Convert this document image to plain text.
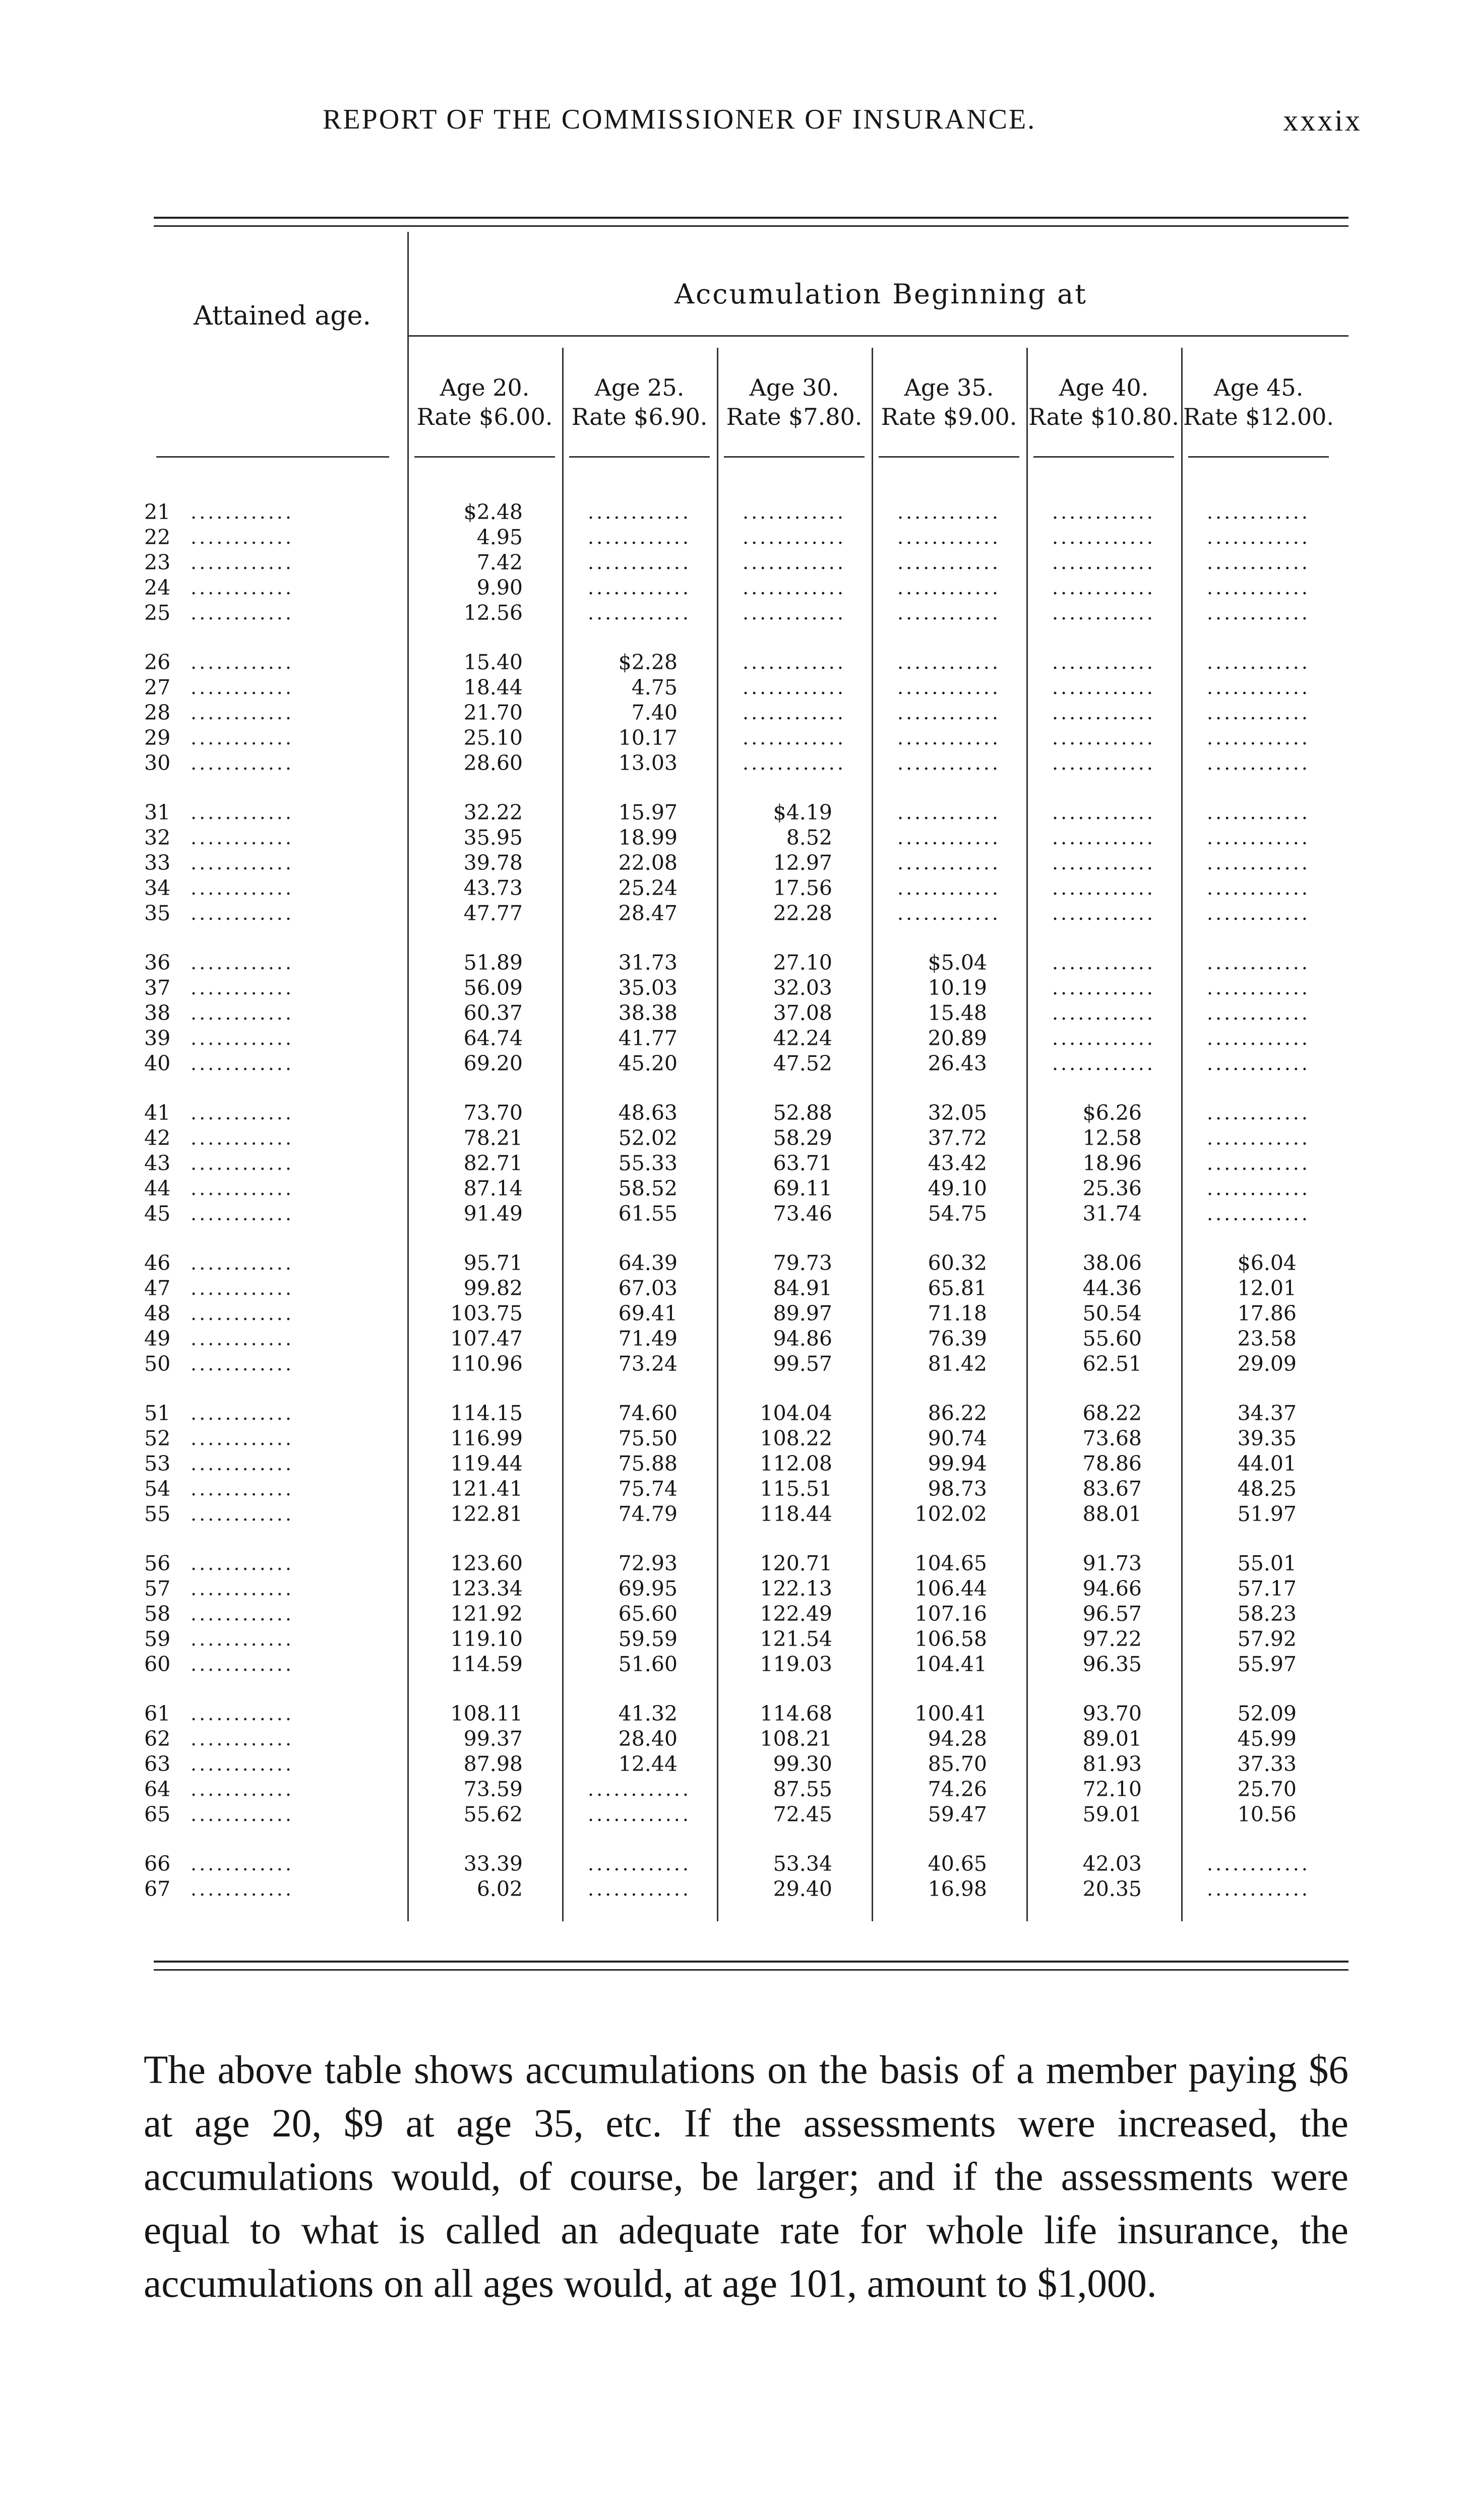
REPORT OF THE COMMISSIONER OF INSURANCE.	xxxix
Attained age.
Accumulation Beginning at
Age 20.
Rate $6.00.
Age 25.
Rate $6.90.
Age 30.
Rate $7.80.
Age 35.
Rate $9.00.
Age 40.
Rate $10.80.
Age 45.
Rate $12.00.
21	............	$2.48	............	............	............	............	............
22	............	4.95	............	............	............	............	............
23	............	7.42	............	............	............	............	............
24	............	9.90	............	............	............	............	............
25	............	12.56	............	............	............	............	............
26	............	15.40	$2.28	............	............	............	............
27	............	18.44	4.75	............	............	............	............
28	............	21.70	7.40	............	............	............	............
29	............	25.10	10.17	............	............	............	............
30	............	28.60	13.03	............	............	............	............
31	............	32.22	15.97	$4.19	............	............	............
32	............	35.95	18.99	8.52	............	............	............
33	............	39.78	22.08	12.97	............	............	............
34	............	43.73	25.24	17.56	............	............	............
35	............	47.77	28.47	22.28	............	............	............
36	............	51.89	31.73	27.10	$5.04	............	............
37	............	56.09	35.03	32.03	10.19	............	............
38	............	60.37	38.38	37.08	15.48	............	............
39	............	64.74	41.77	42.24	20.89	............	............
40	............	69.20	45.20	47.52	26.43	............	............
41	............	73.70	48.63	52.88	32.05	$6.26	............
42	............	78.21	52.02	58.29	37.72	12.58	............
43	............	82.71	55.33	63.71	43.42	18.96	............
44	............	87.14	58.52	69.11	49.10	25.36	............
45	............	91.49	61.55	73.46	54.75	31.74	............
46	............	95.71	64.39	79.73	60.32	38.06	$6.04
47	............	99.82	67.03	84.91	65.81	44.36	12.01
48	............	103.75	69.41	89.97	71.18	50.54	17.86
49	............	107.47	71.49	94.86	76.39	55.60	23.58
50	............	110.96	73.24	99.57	81.42	62.51	29.09
51	............	114.15	74.60	104.04	86.22	68.22	34.37
52	............	116.99	75.50	108.22	90.74	73.68	39.35
53	............	119.44	75.88	112.08	99.94	78.86	44.01
54	............	121.41	75.74	115.51	98.73	83.67	48.25
55	............	122.81	74.79	118.44	102.02	88.01	51.97
56	............	123.60	72.93	120.71	104.65	91.73	55.01
57	............	123.34	69.95	122.13	106.44	94.66	57.17
58	............	121.92	65.60	122.49	107.16	96.57	58.23
59	............	119.10	59.59	121.54	106.58	97.22	57.92
60	............	114.59	51.60	119.03	104.41	96.35	55.97
61	............	108.11	41.32	114.68	100.41	93.70	52.09
62	............	99.37	28.40	108.21	94.28	89.01	45.99
63	............	87.98	12.44	99.30	85.70	81.93	37.33
64	............	73.59	............	87.55	74.26	72.10	25.70
65	............	55.62	............	72.45	59.47	59.01	10.56
66	............	33.39	............	53.34	40.65	42.03	............
67	............	6.02	............	29.40	16.98	20.35	............
The above table shows accumulations on the basis of a member paying $6 at age 20, $9 at age 35, etc. If the assessments were increased, the accumulations would, of course, be larger; and if the assessments were equal to what is called an adequate rate for whole life insurance, the accumulations on all ages would, at age 101, amount to $1,000.
